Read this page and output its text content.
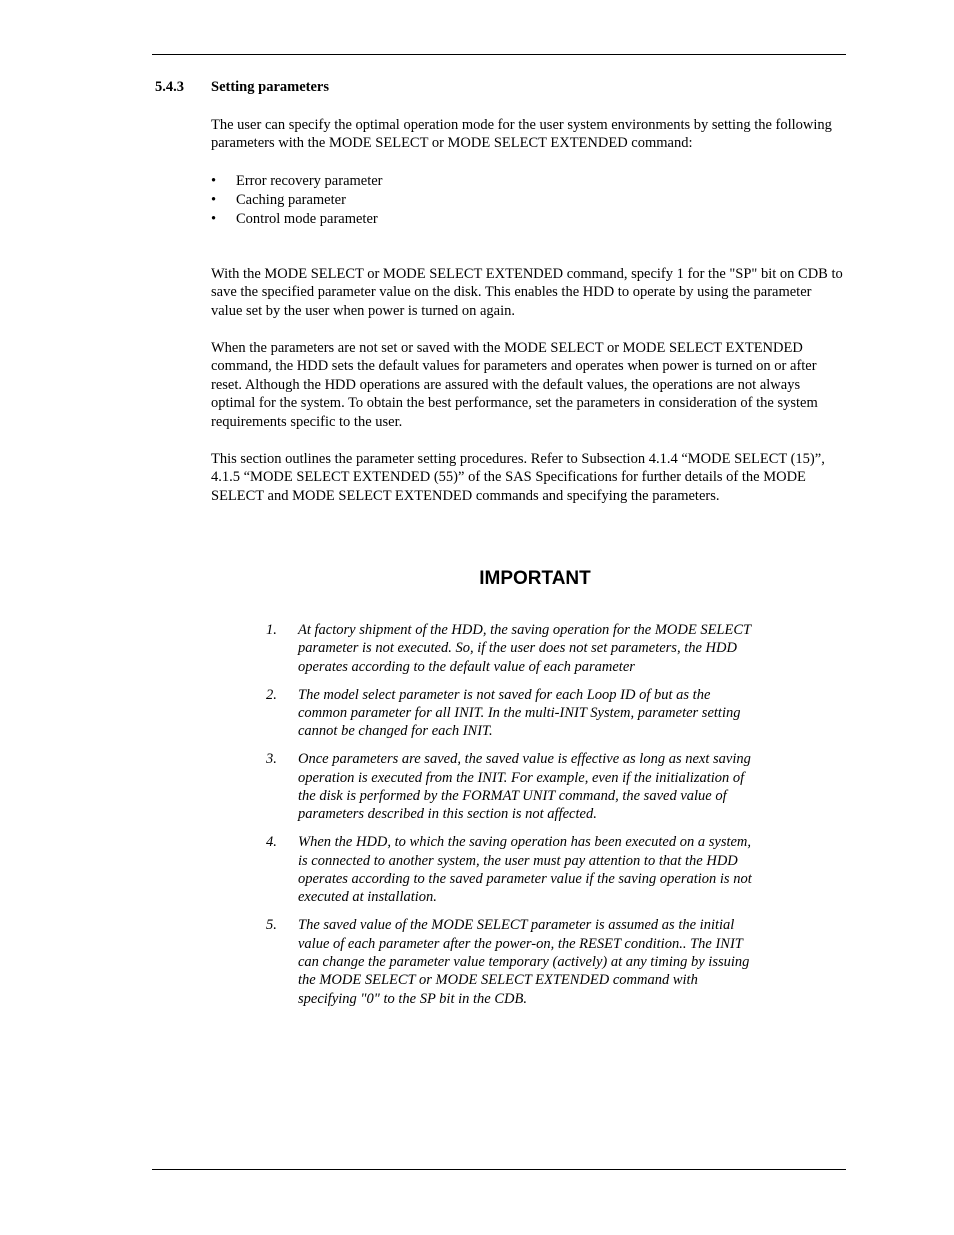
5.4.3 Setting parameters

The user can specify the optimal operation mode for the user system environments by setting the following parameters with the MODE SELECT or MODE SELECT EXTENDED command:

• Error recovery parameter
• Caching parameter
• Control mode parameter

With the MODE SELECT or MODE SELECT EXTENDED command, specify 1 for the "SP" bit on CDB to save the specified parameter value on the disk. This enables the HDD to operate by using the parameter value set by the user when power is turned on again.

When the parameters are not set or saved with the MODE SELECT or MODE SELECT EXTENDED command, the HDD sets the default values for parameters and operates when power is turned on or after reset. Although the HDD operations are assured with the default values, the operations are not always optimal for the system. To obtain the best performance, set the parameters in consideration of the system requirements specific to the user.

This section outlines the parameter setting procedures. Refer to Subsection 4.1.4 “MODE SELECT (15)”, 4.1.5 “MODE SELECT EXTENDED (55)” of the SAS Specifications for further details of the MODE SELECT and MODE SELECT EXTENDED commands and specifying the parameters.

IMPORTANT
1. At factory shipment of the HDD, the saving operation for the MODE SELECT parameter is not executed. So, if the user does not set parameters, the HDD operates according to the default value of each parameter
2. The model select parameter is not saved for each Loop ID of but as the common parameter for all INIT. In the multi-INIT System, parameter setting cannot be changed for each INIT.
3. Once parameters are saved, the saved value is effective as long as next saving operation is executed from the INIT. For example, even if the initialization of the disk is performed by the FORMAT UNIT command, the saved value of parameters described in this section is not affected.
4. When the HDD, to which the saving operation has been executed on a system, is connected to another system, the user must pay attention to that the HDD operates according to the saved parameter value if the saving operation is not executed at installation.
5. The saved value of the MODE SELECT parameter is assumed as the initial value of each parameter after the power-on, the RESET condition.. The INIT can change the parameter value temporary (actively) at any timing by issuing the MODE SELECT or MODE SELECT EXTENDED command with specifying "0" to the SP bit in the CDB.
